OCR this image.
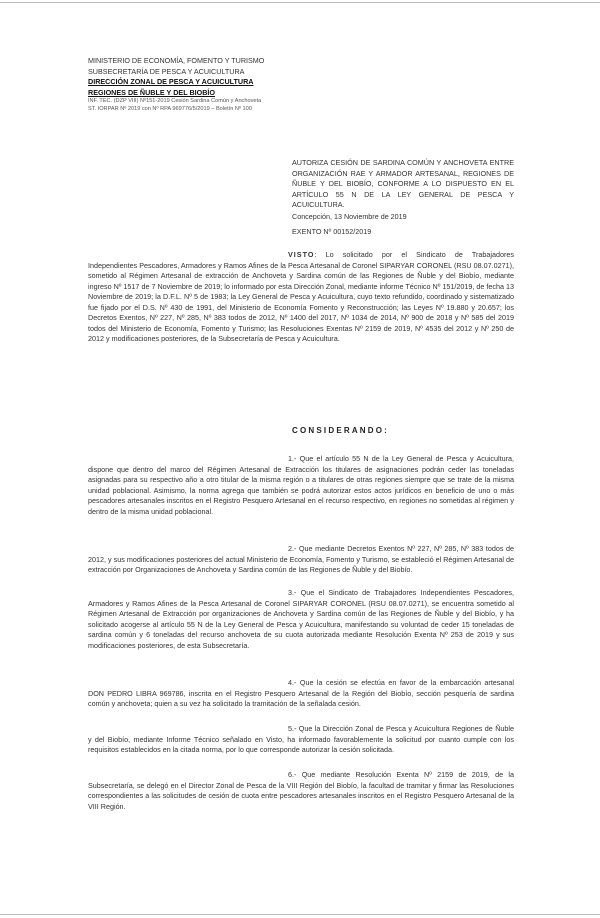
MINISTERIO DE ECONOMÍA, FOMENTO Y TURISMO
SUBSECRETARÍA DE PESCA Y ACUICULTURA
DIRECCIÓN ZONAL DE PESCA Y ACUICULTURA
REGIONES DE ÑUBLE Y DEL BIOBÍO
INF. TEC. (DZP VIII) Nº151-2019 Cesión Sardina Común y Anchoveta
ST. IORPAR Nº 2019 con Nº RPA 969776/5/2019 – Boletín Nº 100
AUTORIZA CESIÓN DE SARDINA COMÚN Y ANCHOVETA ENTRE ORGANIZACIÓN RAE Y ARMADOR ARTESANAL, REGIONES DE ÑUBLE Y DEL BIOBÍO, CONFORME A LO DISPUESTO EN EL ARTÍCULO 55 N DE LA LEY GENERAL DE PESCA Y ACUICULTURA.
Concepción, 13 Noviembre de 2019
EXENTO Nº 00152/2019
VISTO: Lo solicitado por el Sindicato de Trabajadores Independientes Pescadores, Armadores y Ramos Afines de la Pesca Artesanal de Coronel SIPARYAR CORONEL (RSU 08.07.0271), sometido al Régimen Artesanal de extracción de Anchoveta y Sardina común de las Regiones de Ñuble y del Biobío, mediante ingreso Nº 1517 de 7 Noviembre de 2019; lo informado por esta Dirección Zonal, mediante informe Técnico Nº 151/2019, de fecha 13 Noviembre de 2019; la D.F.L. Nº 5 de 1983; la Ley General de Pesca y Acuicultura, cuyo texto refundido, coordinado y sistematizado fue fijado por el D.S. Nº 430 de 1991, del Ministerio de Economía Fomento y Reconstrucción; las Leyes Nº 19.880 y 20.657; los Decretos Exentos, Nº 227, Nº 285, Nº 383 todos de 2012, Nº 1400 del 2017, Nº 1034 de 2014, Nº 900 de 2018 y Nº 585 del 2019 todos del Ministerio de Economía, Fomento y Turismo; las Resoluciones Exentas Nº 2159 de 2019, Nº 4535 del 2012 y Nº 250 de 2012 y modificaciones posteriores, de la Subsecretaría de Pesca y Acuicultura.
CONSIDERANDO:
1.- Que el artículo 55 N de la Ley General de Pesca y Acuicultura, dispone que dentro del marco del Régimen Artesanal de Extracción los titulares de asignaciones podrán ceder las toneladas asignadas para su respectivo año a otro titular de la misma región o a titulares de otras regiones siempre que se trate de la misma unidad poblacional. Asimismo, la norma agrega que también se podrá autorizar estos actos jurídicos en beneficio de uno o más pescadores artesanales inscritos en el Registro Pesquero Artesanal en el recurso respectivo, en regiones no sometidas al régimen y dentro de la misma unidad poblacional.
2.- Que mediante Decretos Exentos Nº 227, Nº 285, Nº 383 todos de 2012, y sus modificaciones posteriores del actual Ministerio de Economía, Fomento y Turismo, se estableció el Régimen Artesanal de extracción por Organizaciones de Anchoveta y Sardina común de las Regiones de Ñuble y del Biobío.
3.- Que el Sindicato de Trabajadores Independientes Pescadores, Armadores y Ramos Afines de la Pesca Artesanal de Coronel SIPARYAR CORONEL (RSU 08.07.0271), se encuentra sometido al Régimen Artesanal de Extracción por organizaciones de Anchoveta y Sardina común de las Regiones de Ñuble y del Biobío, y ha solicitado acogerse al artículo 55 N de la Ley General de Pesca y Acuicultura, manifestando su voluntad de ceder 15 toneladas de sardina común y 6 toneladas del recurso anchoveta de su cuota autorizada mediante Resolución Exenta Nº 253 de 2019 y sus modificaciones posteriores, de esta Subsecretaría.
4.- Que la cesión se efectúa en favor de la embarcación artesanal DON PEDRO LIBRA 969786, inscrita en el Registro Pesquero Artesanal de la Región del Biobío, sección pesquería de sardina común y anchoveta; quien a su vez ha solicitado la tramitación de la señalada cesión.
5.- Que la Dirección Zonal de Pesca y Acuicultura Regiones de Ñuble y del Biobío, mediante Informe Técnico señalado en Visto, ha informado favorablemente la solicitud por cuanto cumple con los requisitos establecidos en la citada norma, por lo que corresponde autorizar la cesión solicitada.
6.- Que mediante Resolución Exenta Nº 2159 de 2019, de la Subsecretaría, se delegó en el Director Zonal de Pesca de la VIII Región del Biobío, la facultad de tramitar y firmar las Resoluciones correspondientes a las solicitudes de cesión de cuota entre pescadores artesanales inscritos en el Registro Pesquero Artesanal de la VIII Región.
